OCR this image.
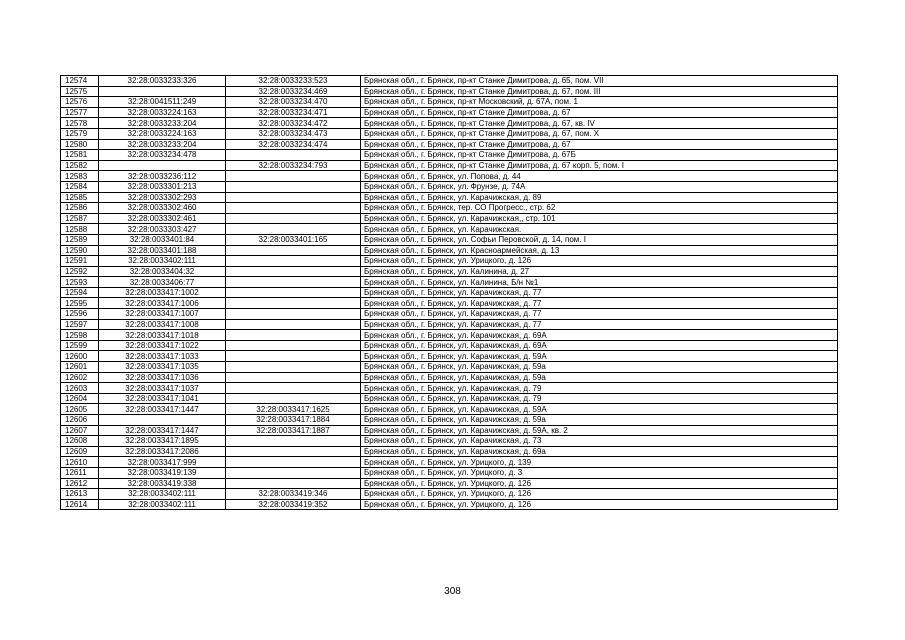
12574	32:28:0033233:326	32:28:0033233:523	Брянская обл., г. Брянск, пр-кт Станке Димитрова, д. 65, пом. VII
12575		32:28:0033234:469	Брянская обл., г. Брянск, пр-кт Станке Димитрова, д. 67, пом. III
12576	32:28:0041511:249	32:28:0033234:470	Брянская обл., г. Брянск, пр-кт Московский, д. 67А, пом. 1
12577	32:28:0033224:163	32:28:0033234:471	Брянская обл., г. Брянск, пр-кт Станке Димитрова, д. 67
12578	32:28:0033233:204	32:28:0033234:472	Брянская обл., г. Брянск, пр-кт Станке Димитрова, д. 67, кв. IV
12579	32:28:0033224:163	32:28:0033234:473	Брянская обл., г. Брянск, пр-кт Станке Димитрова, д. 67, пом. X
12580	32:28:0033233:204	32:28:0033234:474	Брянская обл., г. Брянск, пр-кт Станке Димитрова, д. 67
12581	32:28:0033234:478		Брянская обл., г. Брянск, пр-кт Станке Димитрова, д. 67Б
12582		32:28:0033234:793	Брянская обл., г. Брянск, пр-кт Станке Димитрова, д. 67 корп. 5, пом. I
12583	32:28:0033236:112		Брянская обл., г. Брянск, ул. Попова, д. 44
12584	32:28:0033301:213		Брянская обл., г. Брянск, ул. Фрунзе, д. 74А
12585	32:28:0033302:293		Брянская обл., г. Брянск, ул. Карачижская, д. 89
12586	32:28:0033302:460		Брянская обл., г. Брянск, тер. СО Прогресс., стр. 62
12587	32:28:0033302:461		Брянская обл., г. Брянск, ул. Карачижская,, стр. 101
12588	32:28:0033303:427		Брянская обл., г. Брянск, ул. Карачижская.
12589	32:28:0033401:84	32:28:0033401:165	Брянская обл., г. Брянск, ул. Софьи Перовской, д. 14, пом. I
12590	32:28:0033401:188		Брянская обл., г. Брянск, ул. Красноармейская, д. 13
12591	32:28:0033402:111		Брянская обл., г. Брянск, ул. Урицкого, д. 126
12592	32:28:0033404:32		Брянская обл., г. Брянск, ул. Калинина, д. 27
12593	32:28:0033406:77		Брянская обл., г. Брянск, ул. Калинина, Б/н №1
12594	32:28:0033417:1002		Брянская обл., г. Брянск, ул. Карачижская, д. 77
12595	32:28:0033417:1006		Брянская обл., г. Брянск, ул. Карачижская, д. 77
12596	32:28:0033417:1007		Брянская обл., г. Брянск, ул. Карачижская, д. 77
12597	32:28:0033417:1008		Брянская обл., г. Брянск, ул. Карачижская, д. 77
12598	32:28:0033417:1018		Брянская обл., г. Брянск, ул. Карачижская, д. 69А
12599	32:28:0033417:1022		Брянская обл., г. Брянск, ул. Карачижская, д. 69А
12600	32:28:0033417:1033		Брянская обл., г. Брянск, ул. Карачижская, д. 59А
12601	32:28:0033417:1035		Брянская обл., г. Брянск, ул. Карачижская, д. 59а
12602	32:28:0033417:1036		Брянская обл., г. Брянск, ул. Карачижская, д. 59а
12603	32:28:0033417:1037		Брянская обл., г. Брянск, ул. Карачижская, д. 79
12604	32:28:0033417:1041		Брянская обл., г. Брянск, ул. Карачижская, д. 79
12605	32:28:0033417:1447	32:28:0033417:1625	Брянская обл., г. Брянск, ул. Карачижская, д. 59А
12606		32:28:0033417:1884	Брянская обл., г. Брянск, ул. Карачижская, д. 59а
12607	32:28:0033417:1447	32:28:0033417:1887	Брянская обл., г. Брянск, ул. Карачижская, д. 59А, кв. 2
12608	32:28:0033417:1895		Брянская обл., г. Брянск, ул. Карачижская, д. 73
12609	32:28:0033417:2086		Брянская обл., г. Брянск, ул. Карачижская, д. 69а
12610	32:28:0033417:999		Брянская обл., г. Брянск, ул. Урицкого, д. 139
12611	32:28:0033419:139		Брянская обл., г. Брянск, ул. Урицкого, д. 3
12612	32:28:0033419:338		Брянская обл., г. Брянск, ул. Урицкого, д. 126
12613	32:28:0033402:111	32:28:0033419:346	Брянская обл., г. Брянск, ул. Урицкого, д. 126
12614	32:28:0033402:111	32:28:0033419:352	Брянская обл., г. Брянск, ул. Урицкого, д. 126
308
